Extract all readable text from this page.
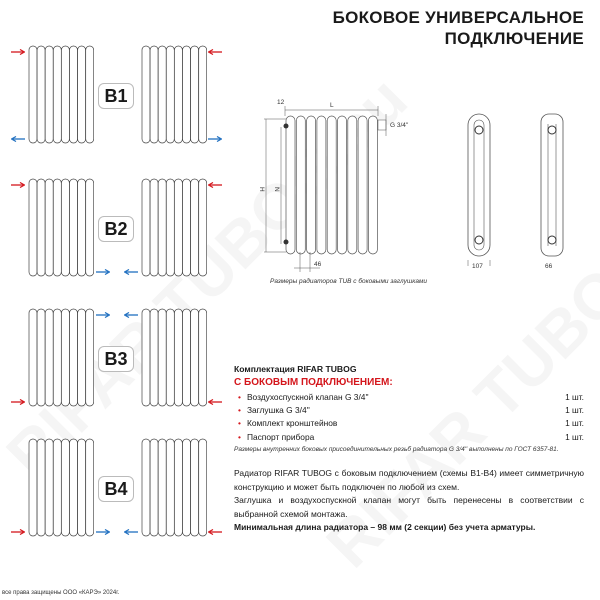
БОКОВОЕ УНИВЕРСАЛЬНОЕ
ПОДКЛЮЧЕНИЕ
B1
B2
B3
B4
12	L
H N
G 3/4''
46
Размеры радиаторов TUB с боковыми заглушками
107	66
Комплектация RIFAR TUBOG
С БОКОВЫМ ПОДКЛЮЧЕНИЕМ:
• Воздухоспускной клапан G 3/4''	1 шт.
• Заглушка G 3/4''	1 шт.
• Комплект кронштейнов	1 шт.
• Паспорт прибора	1 шт.
Размеры внутренних боковых присоединительных резьб радиатора G 3/4'' выполнены по ГОСТ 6357-81.
Радиатор RIFAR TUBOG с боковым подключением (схемы B1-B4) имеет симметричную конструкцию и может быть подключен по любой из схем.
Заглушка и воздухоспускной клапан могут быть перенесены в соответствии с выбранной схемой монтажа.
Минимальная длина радиатора – 98 мм (2 секции) без учета арматуры.
все права защищены ООО «КАРЭ» 2024г.
